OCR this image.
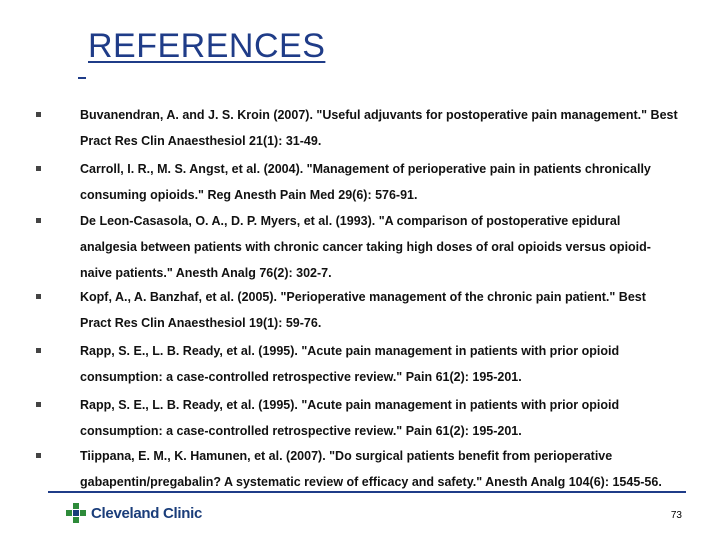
REFERENCES
Buvanendran, A. and J. S. Kroin (2007). "Useful adjuvants for postoperative pain management." Best Pract Res Clin Anaesthesiol 21(1): 31-49.
Carroll, I. R., M. S. Angst, et al. (2004). "Management of perioperative pain in patients chronically consuming opioids." Reg Anesth Pain Med 29(6): 576-91.
De Leon-Casasola, O. A., D. P. Myers, et al. (1993). "A comparison of postoperative epidural analgesia between patients with chronic cancer taking high doses of oral opioids versus opioid-naive patients." Anesth Analg 76(2): 302-7.
Kopf, A., A. Banzhaf, et al. (2005). "Perioperative management of the chronic pain patient." Best Pract Res Clin Anaesthesiol 19(1): 59-76.
Rapp, S. E., L. B. Ready, et al. (1995). "Acute pain management in patients with prior opioid consumption: a case-controlled retrospective review." Pain 61(2): 195-201.
Rapp, S. E., L. B. Ready, et al. (1995). "Acute pain management in patients with prior opioid consumption: a case-controlled retrospective review." Pain 61(2): 195-201.
Tiippana, E. M., K. Hamunen, et al. (2007). "Do surgical patients benefit from perioperative gabapentin/pregabalin? A systematic review of efficacy and safety." Anesth Analg 104(6): 1545-56.
Cleveland Clinic	73
